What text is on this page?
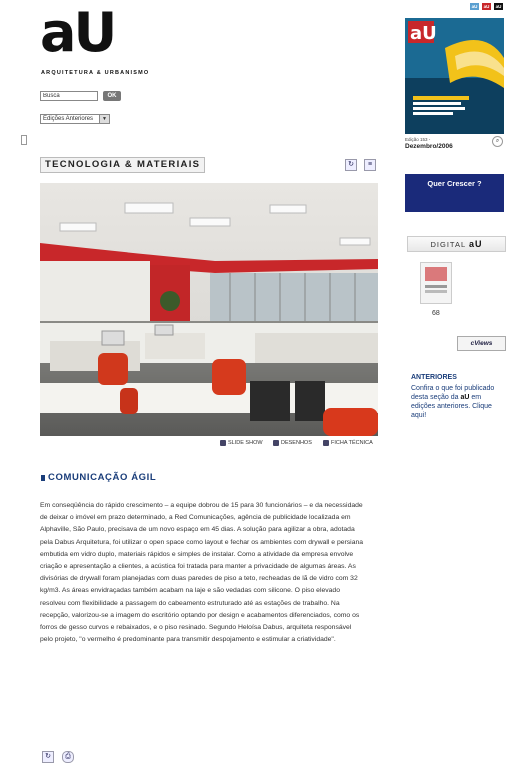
aU
ARQUITETURA & URBANISMO
Busca
OK
Edições Anteriores	▼
TECNOLOGIA & MATERIAIS	↻	≡
SLIDE SHOW	DESENHOS	FICHA TÉCNICA
COMUNICAÇÃO ÁGIL
Em conseqüência do rápido crescimento – a equipe dobrou de 15 para 30 funcionários – e da necessidade de deixar o imóvel em prazo determinado, a Red Comunicações, agência de publicidade localizada em Alphaville, São Paulo, precisava de um novo espaço em 45 dias. A solução para agilizar a obra, adotada pela Dabus Arquitetura, foi utilizar o open space como layout e fechar os ambientes com drywall e persiana embutida em vidro duplo, materiais rápidos e simples de instalar. Como a atividade da empresa envolve criação e apresentação a clientes, a acústica foi tratada para manter a privacidade de algumas áreas. As divisórias de drywall foram planejadas com duas paredes de piso a teto, recheadas de lã de vidro com 32 kg/m3. As áreas envidraçadas também acabam na laje e são vedadas com silicone. O piso elevado resolveu com flexibilidade a passagem do cabeamento estruturado até as estações de trabalho. Na recepção, valorizou-se a imagem do escritório optando por design e acabamentos diferenciados, como os forros de gesso curvos e rebaixados, e o piso resinado. Segundo Heloísa Dabus, arquiteta responsável pelo projeto, "o vermelho é predominante para transmitir despojamento e estimular a criatividade".
↻	⎙
aU	aU	aU
aU
Edição 153 -
Dezembro/2006
⌕
Quer Crescer ?
DIGITAL aU
68
cViews
ANTERIORES
Confira o que foi publicado desta seção da aU em edições anteriores. Clique aqui!
